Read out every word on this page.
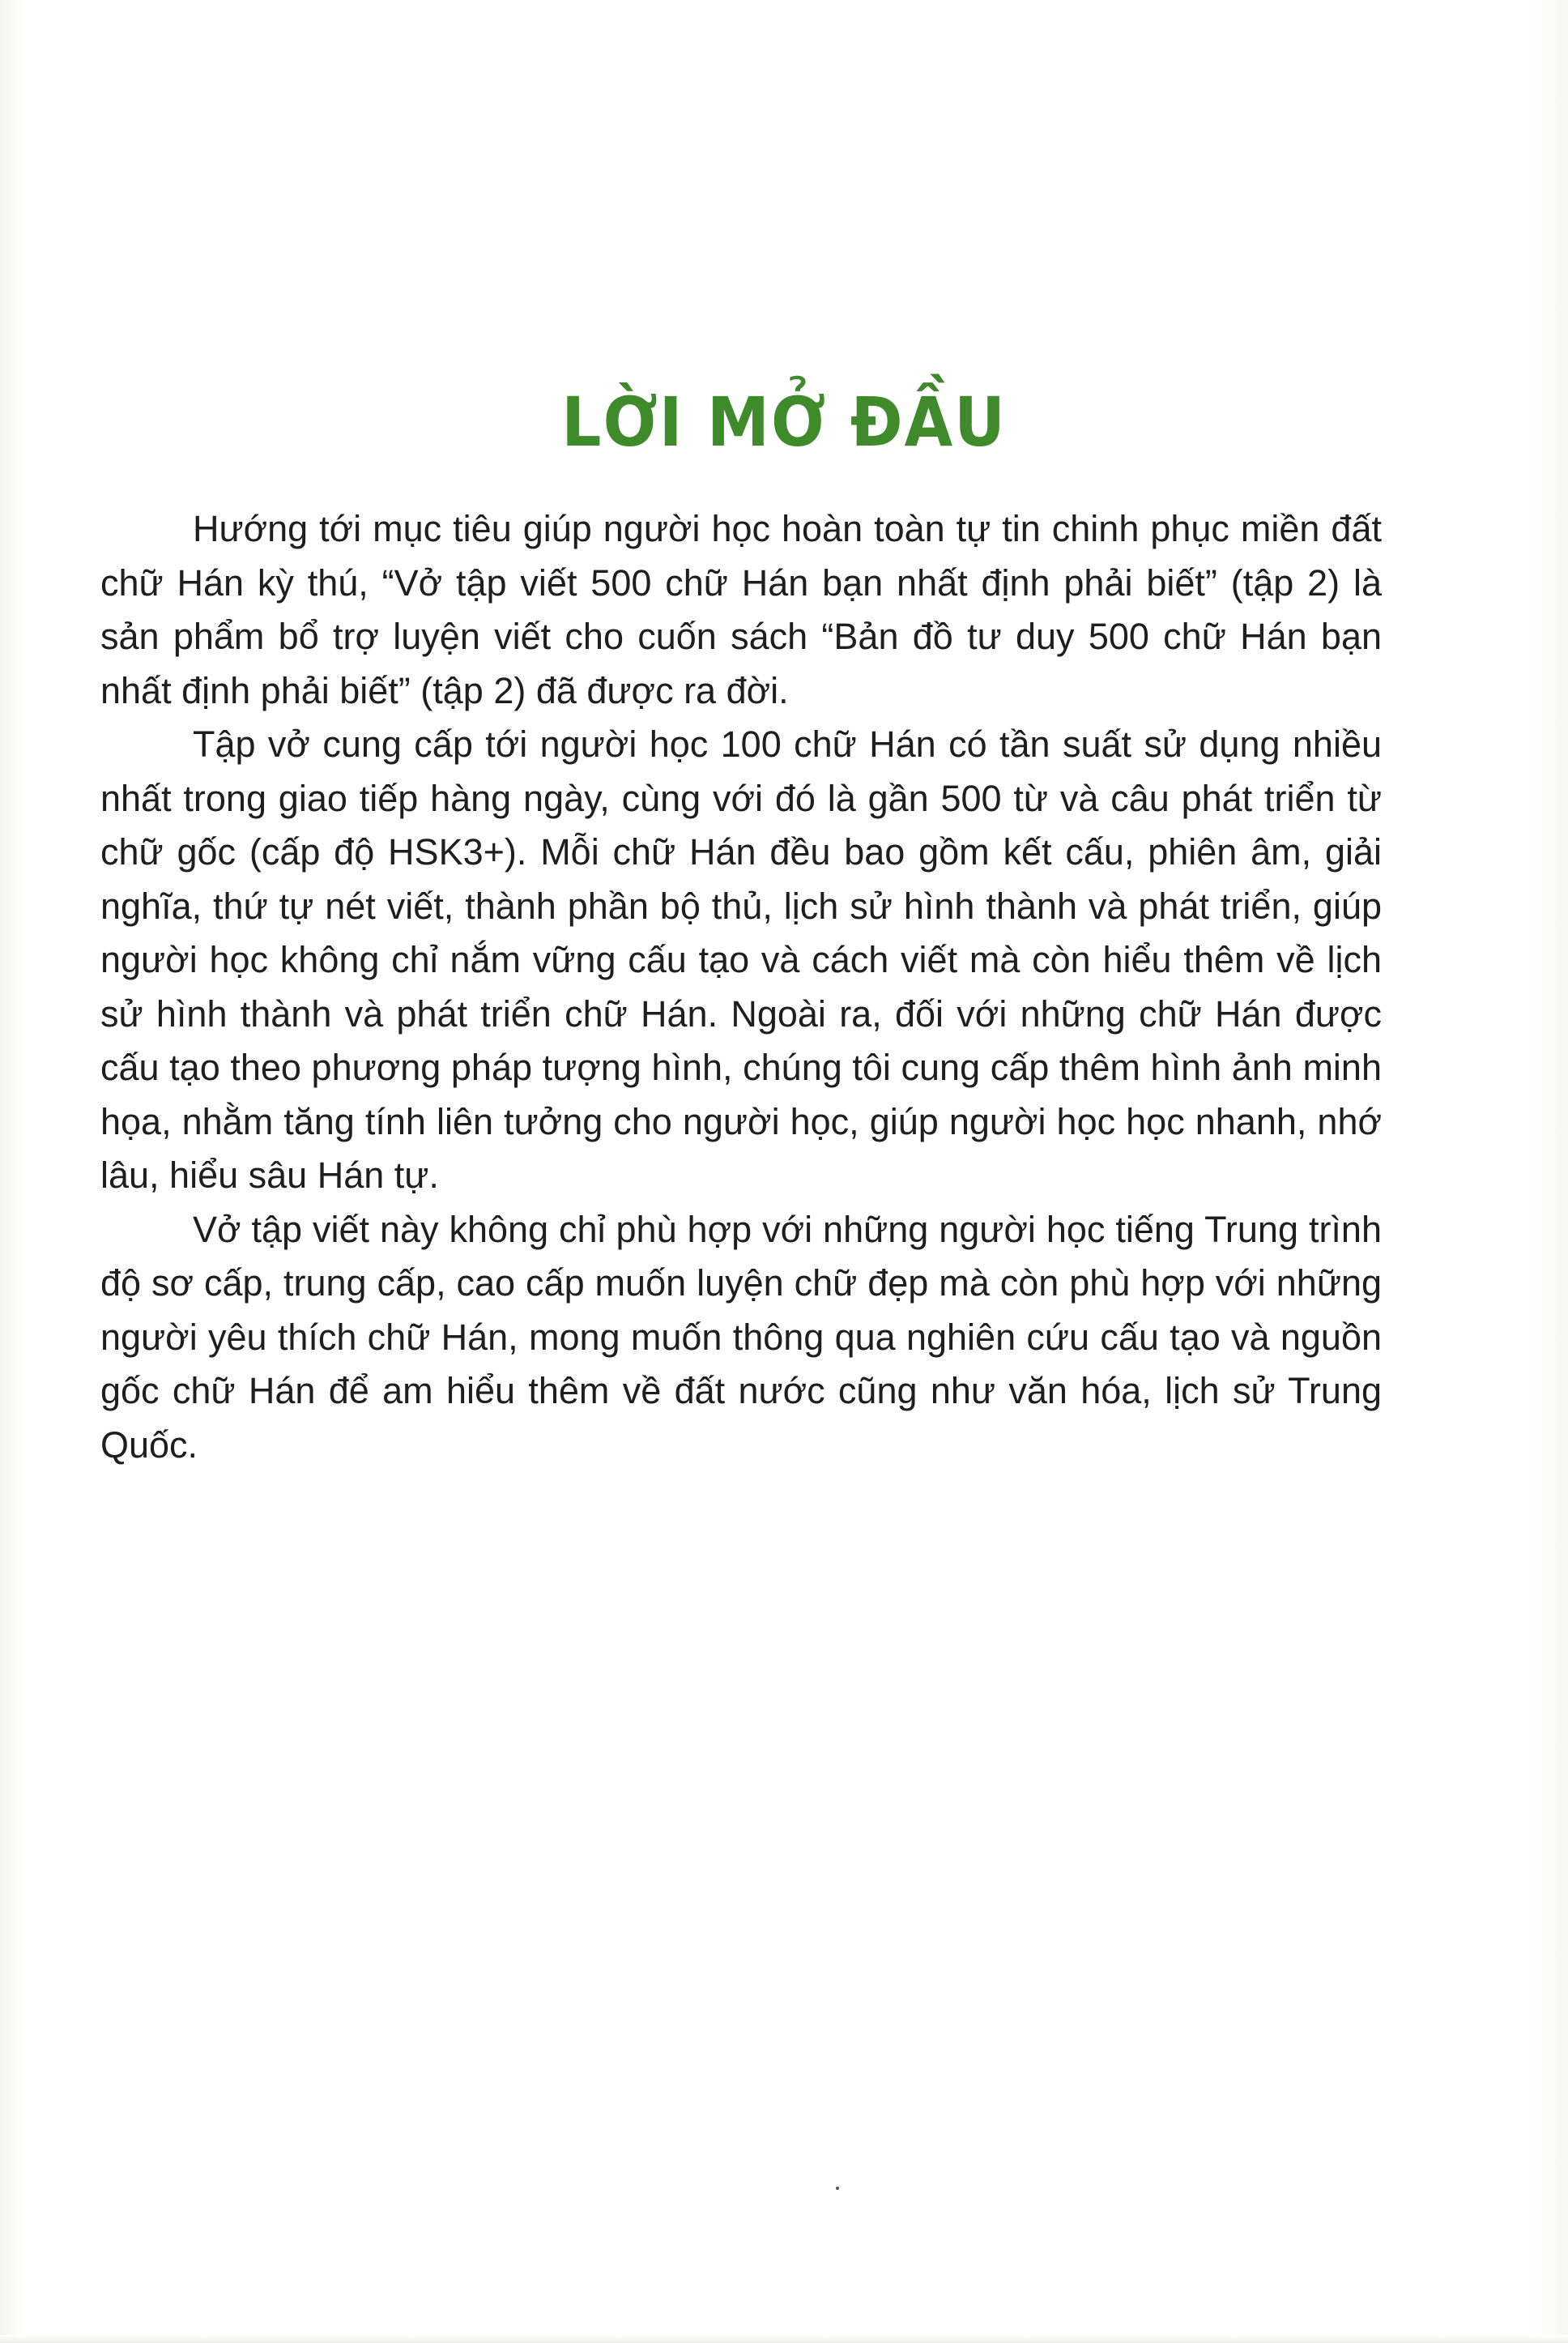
LỜI MỞ ĐẦU

Hướng tới mục tiêu giúp người học hoàn toàn tự tin chinh phục miền đất chữ Hán kỳ thú, “Vở tập viết 500 chữ Hán bạn nhất định phải biết” (tập 2) là sản phẩm bổ trợ luyện viết cho cuốn sách “Bản đồ tư duy 500 chữ Hán bạn nhất định phải biết” (tập 2) đã được ra đời.

Tập vở cung cấp tới người học 100 chữ Hán có tần suất sử dụng nhiều nhất trong giao tiếp hàng ngày, cùng với đó là gần 500 từ và câu phát triển từ chữ gốc (cấp độ HSK3+). Mỗi chữ Hán đều bao gồm kết cấu, phiên âm, giải nghĩa, thứ tự nét viết, thành phần bộ thủ, lịch sử hình thành và phát triển, giúp người học không chỉ nắm vững cấu tạo và cách viết mà còn hiểu thêm về lịch sử hình thành và phát triển chữ Hán. Ngoài ra, đối với những chữ Hán được cấu tạo theo phương pháp tượng hình, chúng tôi cung cấp thêm hình ảnh minh họa, nhằm tăng tính liên tưởng cho người học, giúp người học học nhanh, nhớ lâu, hiểu sâu Hán tự.

Vở tập viết này không chỉ phù hợp với những người học tiếng Trung trình độ sơ cấp, trung cấp, cao cấp muốn luyện chữ đẹp mà còn phù hợp với những người yêu thích chữ Hán, mong muốn thông qua nghiên cứu cấu tạo và nguồn gốc chữ Hán để am hiểu thêm về đất nước cũng như văn hóa, lịch sử Trung Quốc.
